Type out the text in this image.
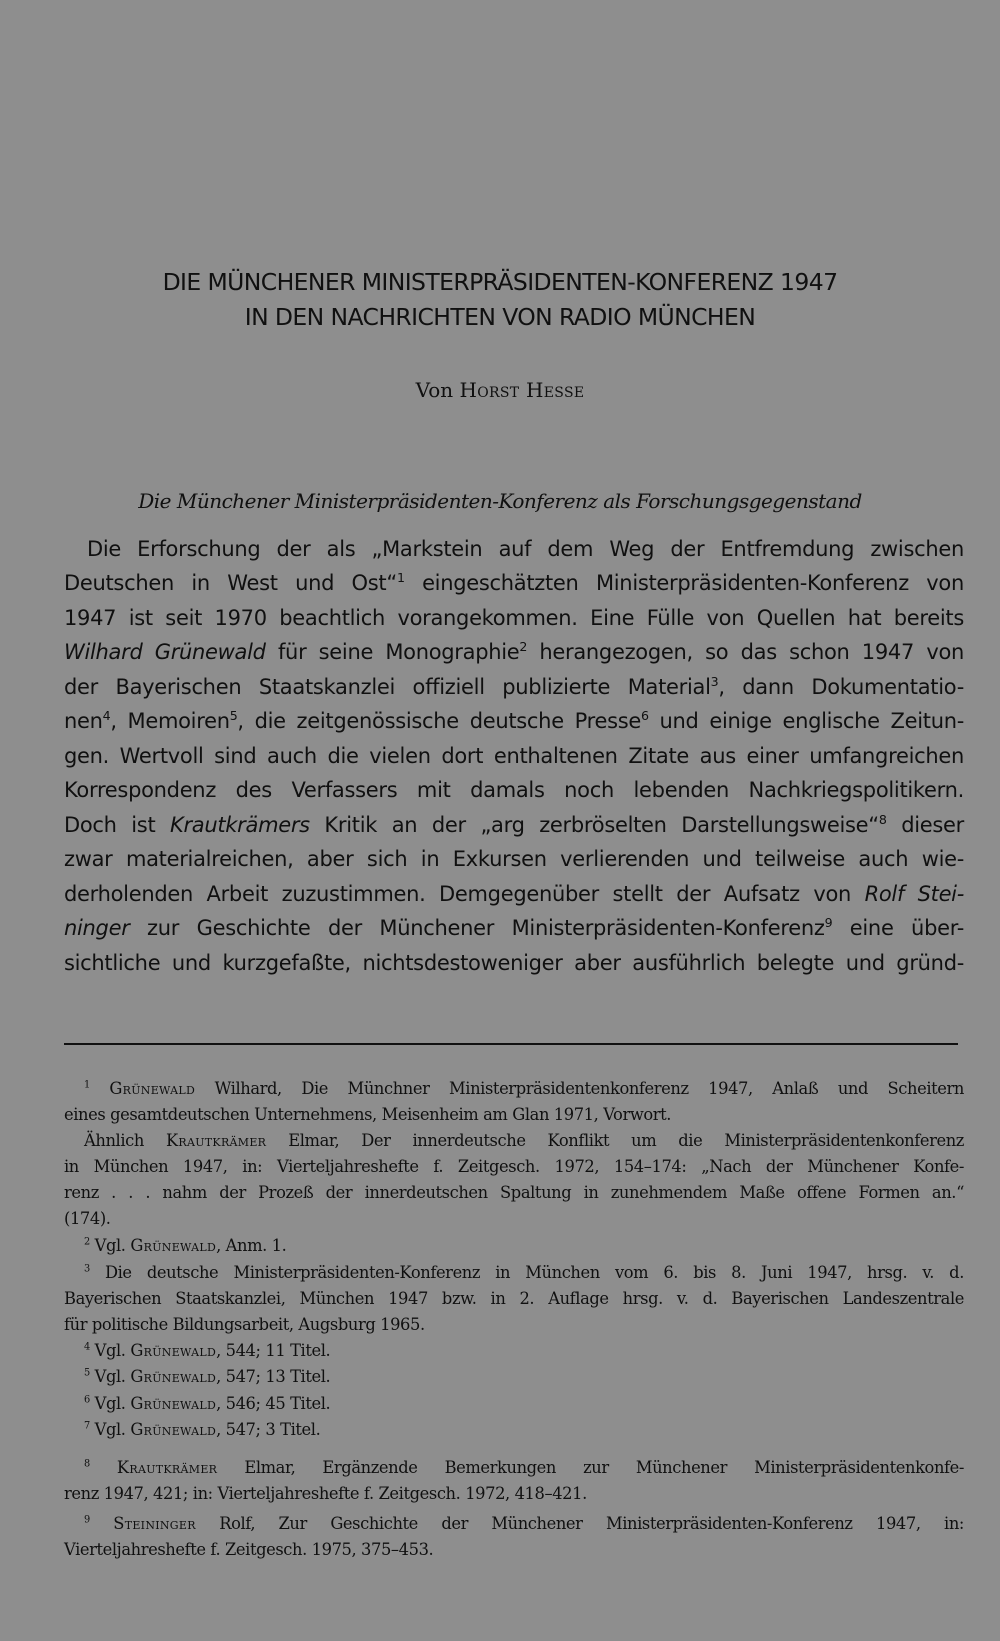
DIE MÜNCHENER MINISTERPRÄSIDENTEN-KONFERENZ 1947
IN DEN NACHRICHTEN VON RADIO MÜNCHEN
Von Horst Hesse
Die Münchener Ministerpräsidenten-Konferenz als Forschungsgegenstand
Die Erforschung der als „Markstein auf dem Weg der Entfremdung zwischen
Deutschen in West und Ost“$^1$ eingeschätzten Ministerpräsidenten-Konferenz von
1947 ist seit 1970 beachtlich vorangekommen. Eine Fülle von Quellen hat bereits
Wilhard Grünewald für seine Monographie$^2$ herangezogen, so das schon 1947 von
der Bayerischen Staatskanzlei offiziell publizierte Material$^3$, dann Dokumentatio-
nen$^4$, Memoiren$^5$, die zeitgenössische deutsche Presse$^6$ und einige englische Zeitun-
gen. Wertvoll sind auch die vielen dort enthaltenen Zitate aus einer umfangreichen
Korrespondenz des Verfassers mit damals noch lebenden Nachkriegspolitikern.
Doch ist Krautkrämers Kritik an der „arg zerbröselten Darstellungsweise“$^8$ dieser
zwar materialreichen, aber sich in Exkursen verlierenden und teilweise auch wie-
derholenden Arbeit zuzustimmen. Demgegenüber stellt der Aufsatz von Rolf Stei-
ninger zur Geschichte der Münchener Ministerpräsidenten-Konferenz$^9$ eine über-
sichtliche und kurzgefaßte, nichtsdestoweniger aber ausführlich belegte und gründ-
$^1$ Grünewald Wilhard, Die Münchner Ministerpräsidentenkonferenz 1947, Anlaß und Scheitern
eines gesamtdeutschen Unternehmens, Meisenheim am Glan 1971, Vorwort.
Ähnlich Krautkrämer Elmar, Der innerdeutsche Konflikt um die Ministerpräsidentenkonferenz
in München 1947, in: Vierteljahreshefte f. Zeitgesch. 1972, 154–174: „Nach der Münchener Konfe-
renz . . . nahm der Prozeß der innerdeutschen Spaltung in zunehmendem Maße offene Formen an.“
(174).
$^2$ Vgl. Grünewald, Anm. 1.
$^3$ Die deutsche Ministerpräsidenten-Konferenz in München vom 6. bis 8. Juni 1947, hrsg. v. d.
Bayerischen Staatskanzlei, München 1947 bzw. in 2. Auflage hrsg. v. d. Bayerischen Landeszentrale
für politische Bildungsarbeit, Augsburg 1965.
$^4$ Vgl. Grünewald, 544; 11 Titel.
$^5$ Vgl. Grünewald, 547; 13 Titel.
$^6$ Vgl. Grünewald, 546; 45 Titel.
$^7$ Vgl. Grünewald, 547; 3 Titel.
$^8$ Krautkrämer Elmar, Ergänzende Bemerkungen zur Münchener Ministerpräsidentenkonfe-
renz 1947, 421; in: Vierteljahreshefte f. Zeitgesch. 1972, 418–421.
$^9$ Steininger Rolf, Zur Geschichte der Münchener Ministerpräsidenten-Konferenz 1947, in:
Vierteljahreshefte f. Zeitgesch. 1975, 375–453.
